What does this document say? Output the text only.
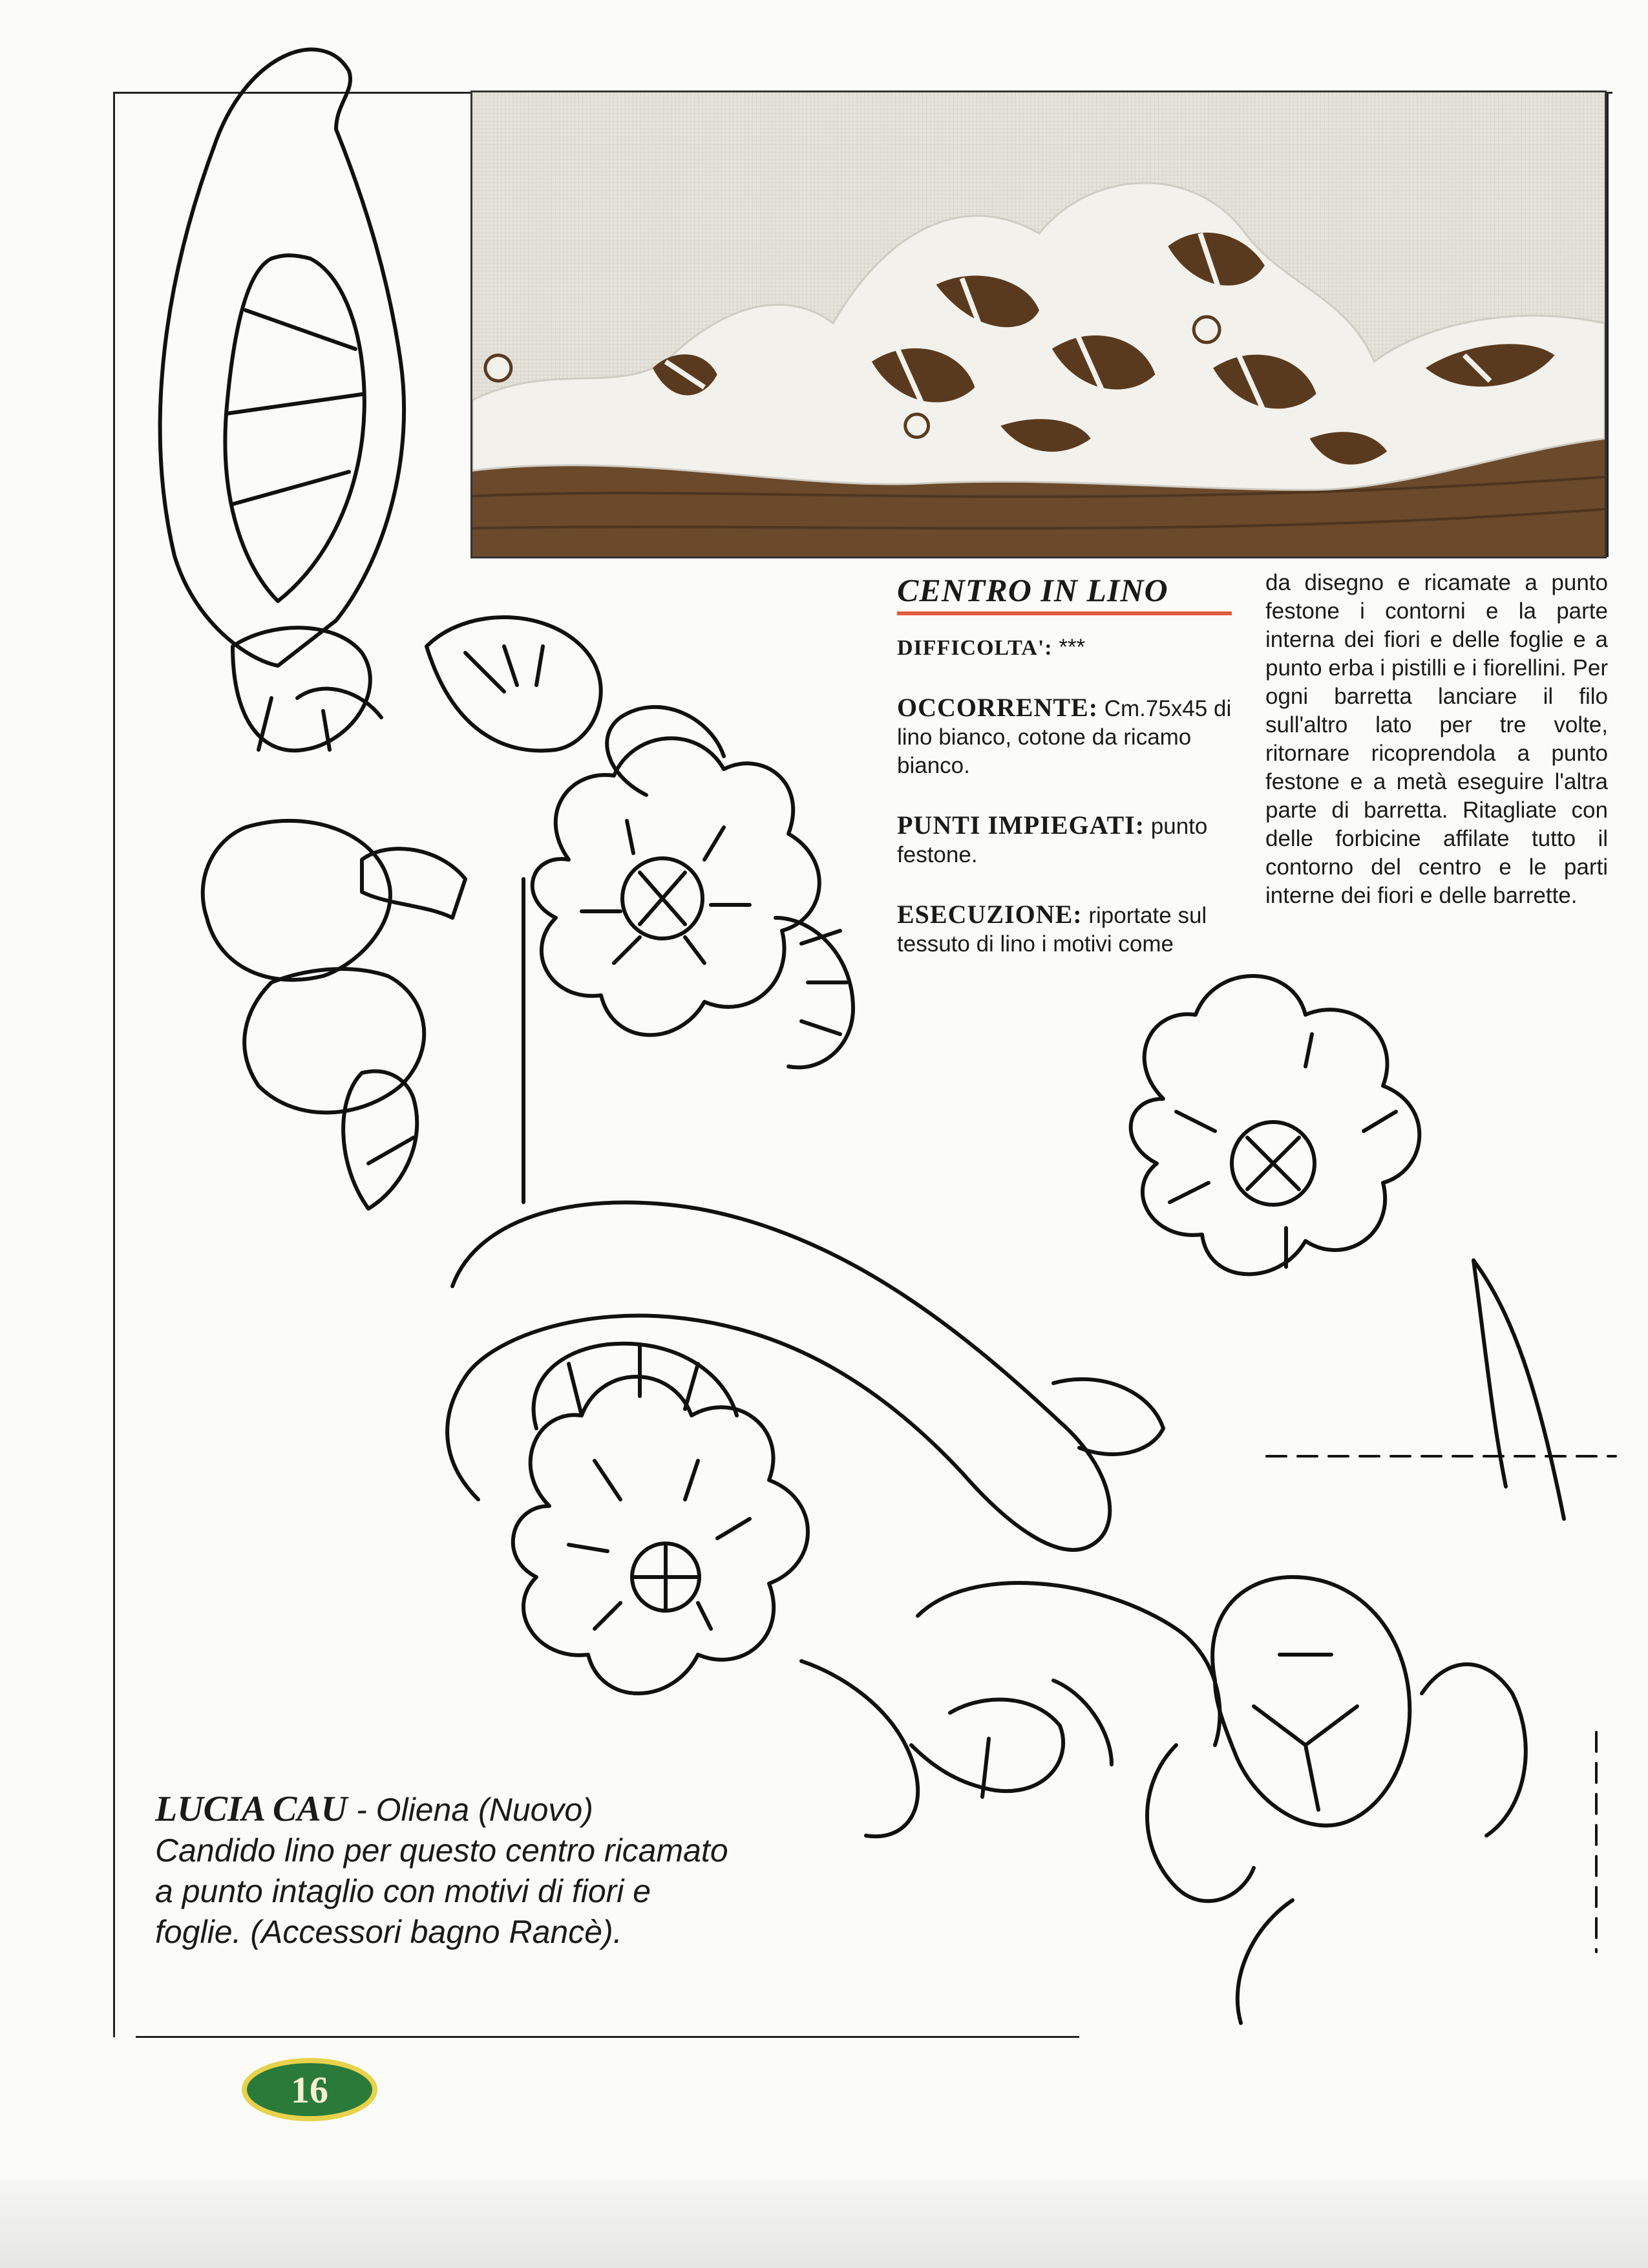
CENTRO IN LINO

DIFFICOLTA': ***

OCCORRENTE: Cm.75x45 di lino bianco, cotone da ricamo bianco.

PUNTI IMPIEGATI: punto festone.

ESECUZIONE: riportate sul tessuto di lino i motivi come

da disegno e ricamate a punto festone i contorni e la parte interna dei fiori e delle foglie e a punto erba i pistilli e i fiorellini. Per ogni barretta lanciare il filo sull'altro lato per tre volte, ritornare ricoprendola a punto festone e a metà eseguire l'altra parte di barretta. Ritagliate con delle forbicine affilate tutto il contorno del centro e le parti interne dei fiori e delle barrette.

LUCIA CAU - Oliena (Nuovo)
Candido lino per questo centro ricamato a punto intaglio con motivi di fiori e foglie. (Accessori bagno Rancè).
16
